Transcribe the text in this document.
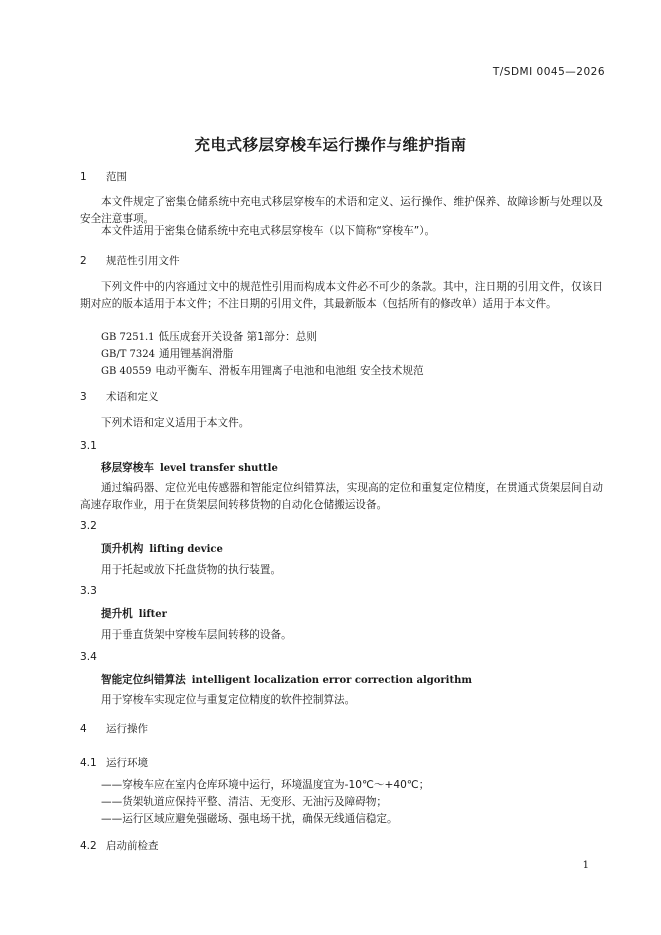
T/SDMI 0045—2026
充电式移层穿梭车运行操作与维护指南
1 范围
本文件规定了密集仓储系统中充电式移层穿梭车的术语和定义、运行操作、维护保养、故障诊断与处理以及安全注意事项。
本文件适用于密集仓储系统中充电式移层穿梭车（以下简称“穿梭车”）。
2 规范性引用文件
下列文件中的内容通过文中的规范性引用而构成本文件必不可少的条款。其中，注日期的引用文件，仅该日期对应的版本适用于本文件；不注日期的引用文件，其最新版本（包括所有的修改单）适用于本文件。
GB 7251.1 低压成套开关设备 第1部分：总则
GB/T 7324 通用锂基润滑脂
GB 40559 电动平衡车、滑板车用锂离子电池和电池组 安全技术规范
3 术语和定义
下列术语和定义适用于本文件。
3.1
移层穿梭车 level transfer shuttle
通过编码器、定位光电传感器和智能定位纠错算法，实现高的定位和重复定位精度，在贯通式货架层间自动高速存取作业，用于在货架层间转移货物的自动化仓储搬运设备。
3.2
顶升机构 lifting device
用于托起或放下托盘货物的执行装置。
3.3
提升机 lifter
用于垂直货架中穿梭车层间转移的设备。
3.4
智能定位纠错算法 intelligent localization error correction algorithm
用于穿梭车实现定位与重复定位精度的软件控制算法。
4 运行操作
4.1 运行环境
——穿梭车应在室内仓库环境中运行，环境温度宜为-10℃～+40℃；
——货架轨道应保持平整、清洁、无变形、无油污及障碍物；
——运行区域应避免强磁场、强电场干扰，确保无线通信稳定。
4.2 启动前检查
1
